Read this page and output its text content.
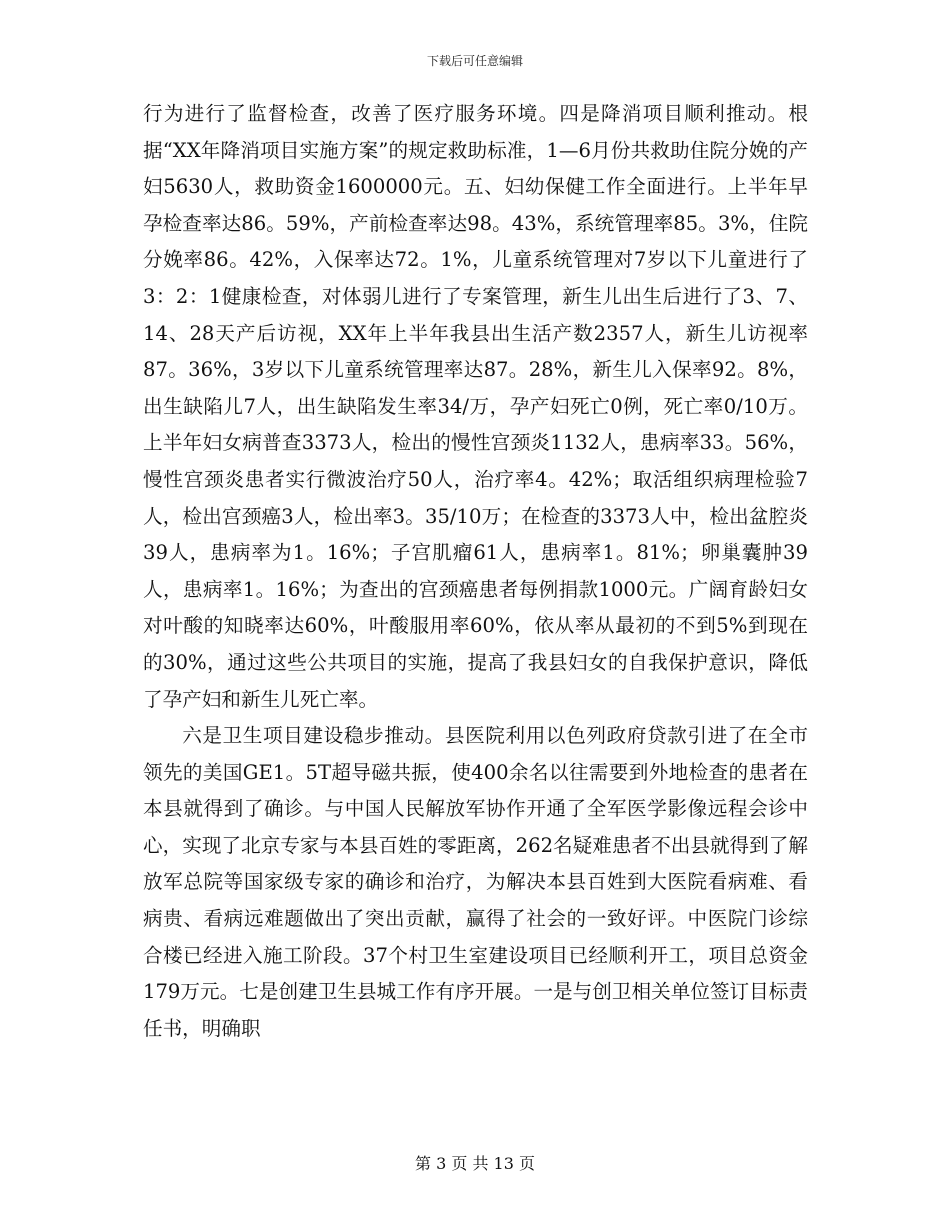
下载后可任意编辑

行为进行了监督检查，改善了医疗服务环境。四是降消项目顺利推动。根据“XX年降消项目实施方案”的规定救助标准，1—6月份共救助住院分娩的产妇5630人，救助资金1600000元。五、妇幼保健工作全面进行。上半年早孕检查率达86。59%，产前检查率达98。43%，系统管理率85。3%，住院分娩率86。42%，入保率达72。1%，儿童系统管理对7岁以下儿童进行了3：2：1健康检查，对体弱儿进行了专案管理，新生儿出生后进行了3、7、14、28天产后访视，XX年上半年我县出生活产数2357人，新生儿访视率87。36%，3岁以下儿童系统管理率达87。28%，新生儿入保率92。8%，出生缺陷儿7人，出生缺陷发生率34/万，孕产妇死亡0例，死亡率0/10万。上半年妇女病普查3373人，检出的慢性宫颈炎1132人，患病率33。56%，慢性宫颈炎患者实行微波治疗50人，治疗率4。42%；取活组织病理检验7人，检出宫颈癌3人，检出率3。35/10万；在检查的3373人中，检出盆腔炎39人，患病率为1。16%；子宫肌瘤61人，患病率1。81%；卵巢囊肿39人，患病率1。16%；为查出的宫颈癌患者每例捐款1000元。广阔育龄妇女对叶酸的知晓率达60%，叶酸服用率60%，依从率从最初的不到5%到现在的30%，通过这些公共项目的实施，提高了我县妇女的自我保护意识，降低了孕产妇和新生儿死亡率。

六是卫生项目建设稳步推动。县医院利用以色列政府贷款引进了在全市领先的美国GE1。5T超导磁共振，使400余名以往需要到外地检查的患者在本县就得到了确诊。与中国人民解放军协作开通了全军医学影像远程会诊中心，实现了北京专家与本县百姓的零距离，262名疑难患者不出县就得到了解放军总院等国家级专家的确诊和治疗，为解决本县百姓到大医院看病难、看病贵、看病远难题做出了突出贡献，赢得了社会的一致好评。中医院门诊综合楼已经进入施工阶段。37个村卫生室建设项目已经顺利开工，项目总资金179万元。七是创建卫生县城工作有序开展。一是与创卫相关单位签订目标责任书，明确职

第 3 页 共 13 页
